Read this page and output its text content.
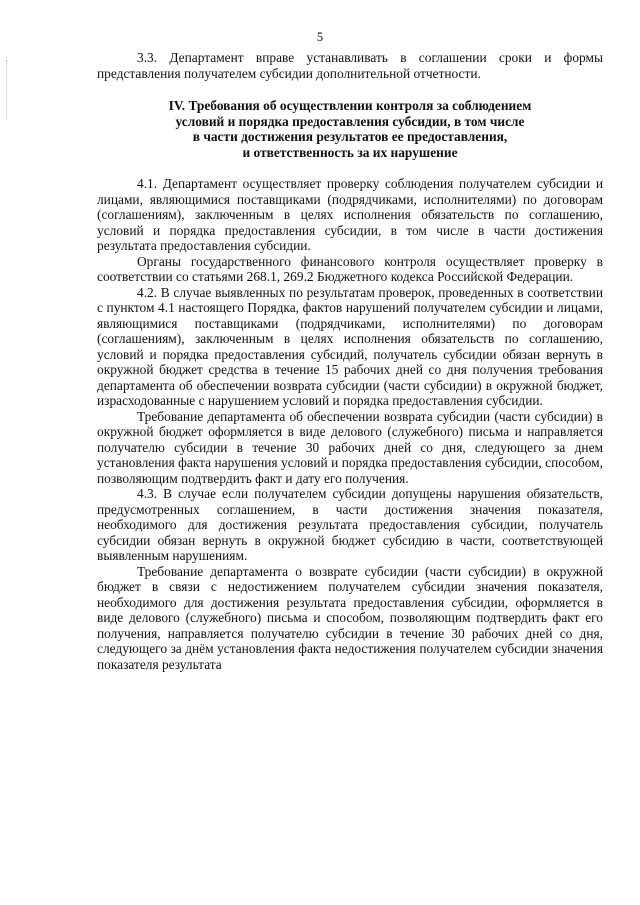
5

3.3. Департамент вправе устанавливать в соглашении сроки и формы представления получателем субсидии дополнительной отчетности.

IV. Требования об осуществлении контроля за соблюдением
условий и порядка предоставления субсидии, в том числе
в части достижения результатов ее предоставления,
и ответственность за их нарушение

4.1. Департамент осуществляет проверку соблюдения получателем субсидии и лицами, являющимися поставщиками (подрядчиками, исполнителями) по договорам (соглашениям), заключенным в целях исполнения обязательств по соглашению, условий и порядка предоставления субсидии, в том числе в части достижения результата предоставления субсидии.

Органы государственного финансового контроля осуществляет проверку в соответствии со статьями 268.1, 269.2 Бюджетного кодекса Российской Федерации.

4.2. В случае выявленных по результатам проверок, проведенных в соответствии с пунктом 4.1 настоящего Порядка, фактов нарушений получателем субсидии и лицами, являющимися поставщиками (подрядчиками, исполнителями) по договорам (соглашениям), заключенным в целях исполнения обязательств по соглашению, условий и порядка предоставления субсидий, получатель субсидии обязан вернуть в окружной бюджет средства в течение 15 рабочих дней со дня получения требования департамента об обеспечении возврата субсидии (части субсидии) в окружной бюджет, израсходованные с нарушением условий и порядка предоставления субсидии.

Требование департамента об обеспечении возврата субсидии (части субсидии) в окружной бюджет оформляется в виде делового (служебного) письма и направляется получателю субсидии в течение 30 рабочих дней со дня, следующего за днем установления факта нарушения условий и порядка предоставления субсидии, способом, позволяющим подтвердить факт и дату его получения.

4.3. В случае если получателем субсидии допущены нарушения обязательств, предусмотренных соглашением, в части достижения значения показателя, необходимого для достижения результата предоставления субсидии, получатель субсидии обязан вернуть в окружной бюджет субсидию в части, соответствующей выявленным нарушениям.

Требование департамента о возврате субсидии (части субсидии) в окружной бюджет в связи с недостижением получателем субсидии значения показателя, необходимого для достижения результата предоставления субсидии, оформляется в виде делового (служебного) письма и способом, позволяющим подтвердить факт его получения, направляется получателю субсидии в течение 30 рабочих дней со дня, следующего за днём установления факта недостижения получателем субсидии значения показателя результата
